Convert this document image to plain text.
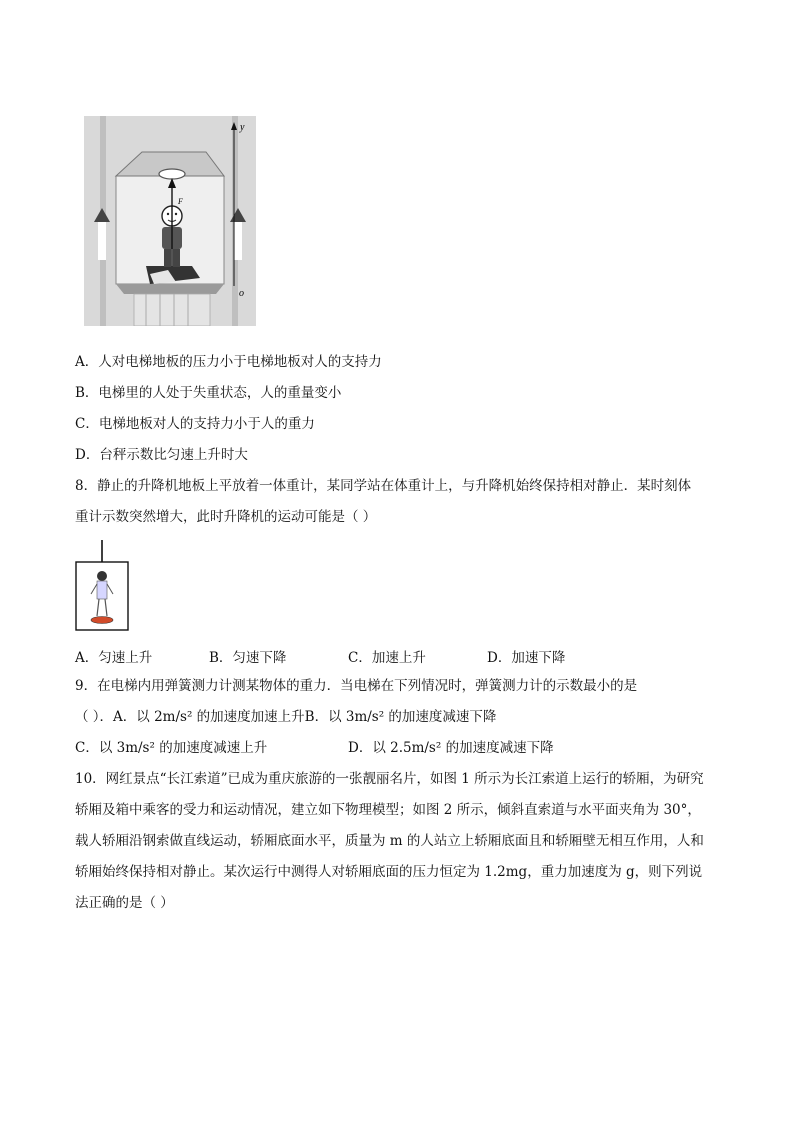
y
o
F
A．人对电梯地板的压力小于电梯地板对人的支持力
B．电梯里的人处于失重状态，人的重量变小
C．电梯地板对人的支持力小于人的重力
D．台秤示数比匀速上升时大
8．静止的升降机地板上平放着一体重计，某同学站在体重计上，与升降机始终保持相对静止．某时刻体
重计示数突然增大，此时升降机的运动可能是（ ）
A．匀速上升	B．匀速下降	C．加速上升	D．加速下降
9．在电梯内用弹簧测力计测某物体的重力．当电梯在下列情况时，弹簧测力计的示数最小的是
（ ）．A．以 2m/s² 的加速度加速上升B．以 3m/s² 的加速度减速下降
C．以 3m/s² 的加速度减速上升	D．以 2.5m/s² 的加速度减速下降
10．网红景点“长江索道”已成为重庆旅游的一张靓丽名片，如图 1 所示为长江索道上运行的轿厢，为研究
轿厢及箱中乘客的受力和运动情况，建立如下物理模型；如图 2 所示，倾斜直索道与水平面夹角为 30°，
载人轿厢沿钢索做直线运动，轿厢底面水平，质量为 m 的人站立上轿厢底面且和轿厢壁无相互作用，人和
轿厢始终保持相对静止。某次运行中测得人对轿厢底面的压力恒定为 1.2mg，重力加速度为 g，则下列说
法正确的是（ ）
